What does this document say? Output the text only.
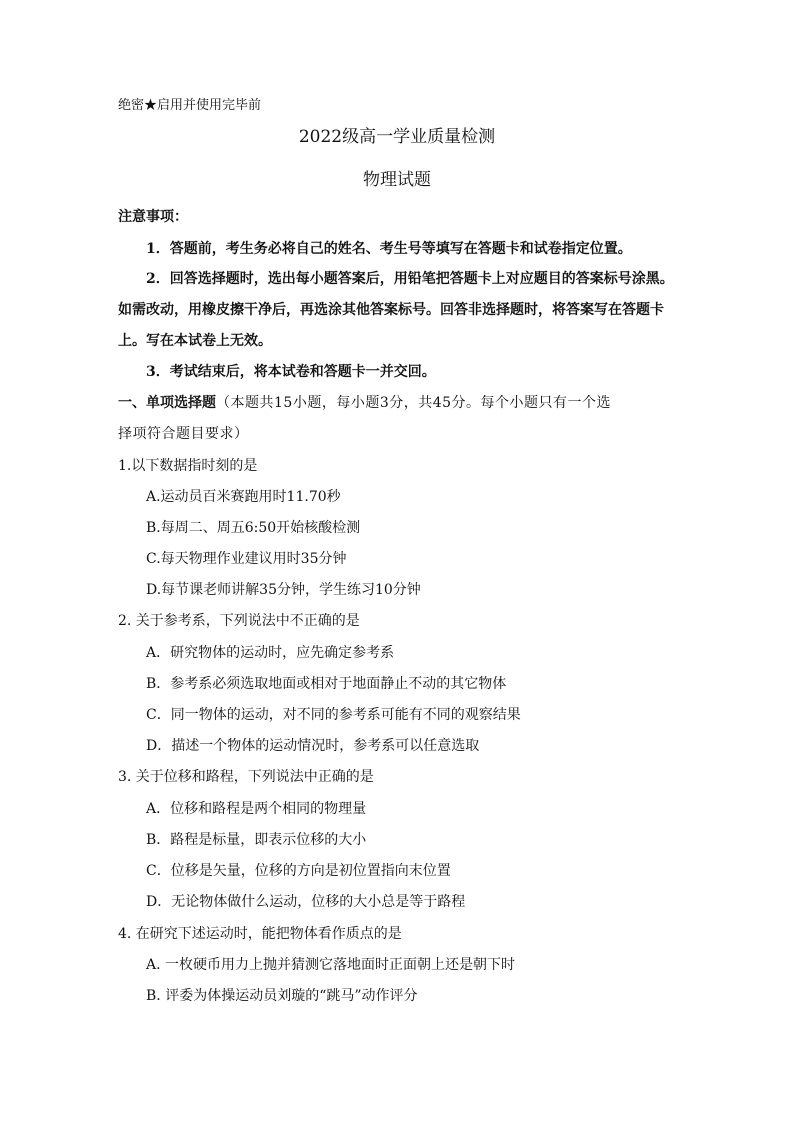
绝密★启用并使用完毕前
2022级高一学业质量检测
物理试题
注意事项：
1．答题前，考生务必将自己的姓名、考生号等填写在答题卡和试卷指定位置。
2．回答选择题时，选出每小题答案后，用铅笔把答题卡上对应题目的答案标号涂黑。
如需改动，用橡皮擦干净后，再选涂其他答案标号。回答非选择题时，将答案写在答题卡
上。写在本试卷上无效。
3．考试结束后，将本试卷和答题卡一并交回。
一、单项选择题（本题共15小题，每小题3分，共45分。每个小题只有一个选
择项符合题目要求）
1.以下数据指时刻的是
A.运动员百米赛跑用时11.70秒
B.每周二、周五6:50开始核酸检测
C.每天物理作业建议用时35分钟
D.每节课老师讲解35分钟，学生练习10分钟
2. 关于参考系，下列说法中不正确的是
A．研究物体的运动时，应先确定参考系
B．参考系必须选取地面或相对于地面静止不动的其它物体
C．同一物体的运动，对不同的参考系可能有不同的观察结果
D．描述一个物体的运动情况时，参考系可以任意选取
3. 关于位移和路程，下列说法中正确的是
A．位移和路程是两个相同的物理量
B．路程是标量，即表示位移的大小
C．位移是矢量，位移的方向是初位置指向末位置
D．无论物体做什么运动，位移的大小总是等于路程
4. 在研究下述运动时，能把物体看作质点的是
A. 一枚硬币用力上抛并猜测它落地面时正面朝上还是朝下时
B. 评委为体操运动员刘璇的“跳马”动作评分
